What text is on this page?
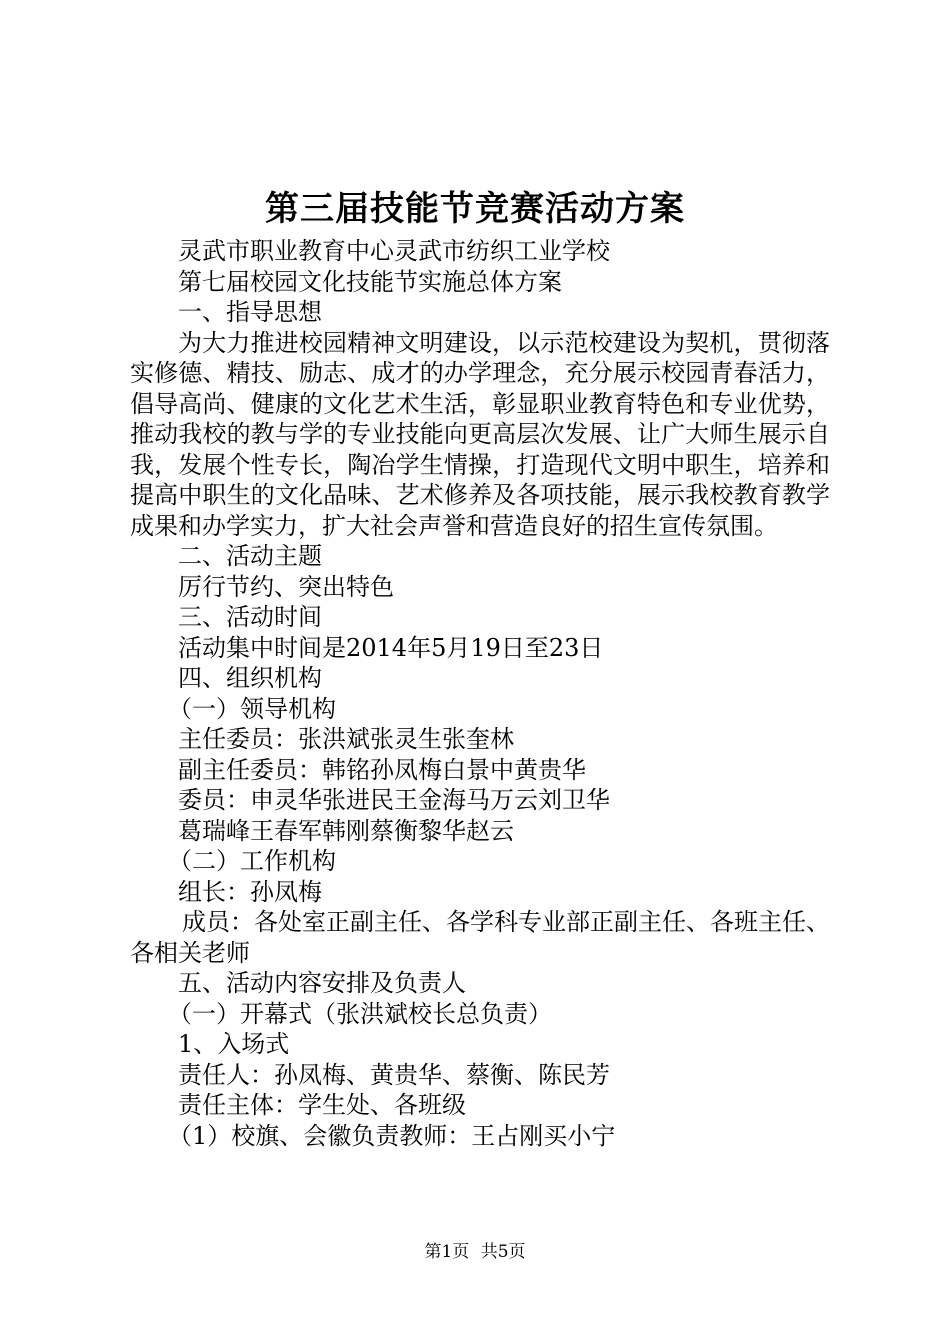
第三届技能节竞赛活动方案
灵武市职业教育中心灵武市纺织工业学校
第七届校园文化技能节实施总体方案
一、指导思想
为大力推进校园精神文明建设，以示范校建设为契机，贯彻落实修德、精技、励志、成才的办学理念，充分展示校园青春活力，倡导高尚、健康的文化艺术生活，彰显职业教育特色和专业优势，推动我校的教与学的专业技能向更高层次发展、让广大师生展示自我，发展个性专长，陶冶学生情操，打造现代文明中职生，培养和提高中职生的文化品味、艺术修养及各项技能，展示我校教育教学成果和办学实力，扩大社会声誉和营造良好的招生宣传氛围。
二、活动主题
厉行节约、突出特色
三、活动时间
活动集中时间是2014年5月19日至23日
四、组织机构
（一）领导机构
主任委员：张洪斌张灵生张奎林
副主任委员：韩铭孙凤梅白景中黄贵华
委员：申灵华张进民王金海马万云刘卫华
葛瑞峰王春军韩刚蔡衡黎华赵云
（二）工作机构
组长：孙凤梅
成员：各处室正副主任、各学科专业部正副主任、各班主任、各相关老师
五、活动内容安排及负责人
（一）开幕式（张洪斌校长总负责）
1、入场式
责任人：孙凤梅、黄贵华、蔡衡、陈民芳
责任主体：学生处、各班级
（1）校旗、会徽负责教师：王占刚买小宁
第1页 共5页
